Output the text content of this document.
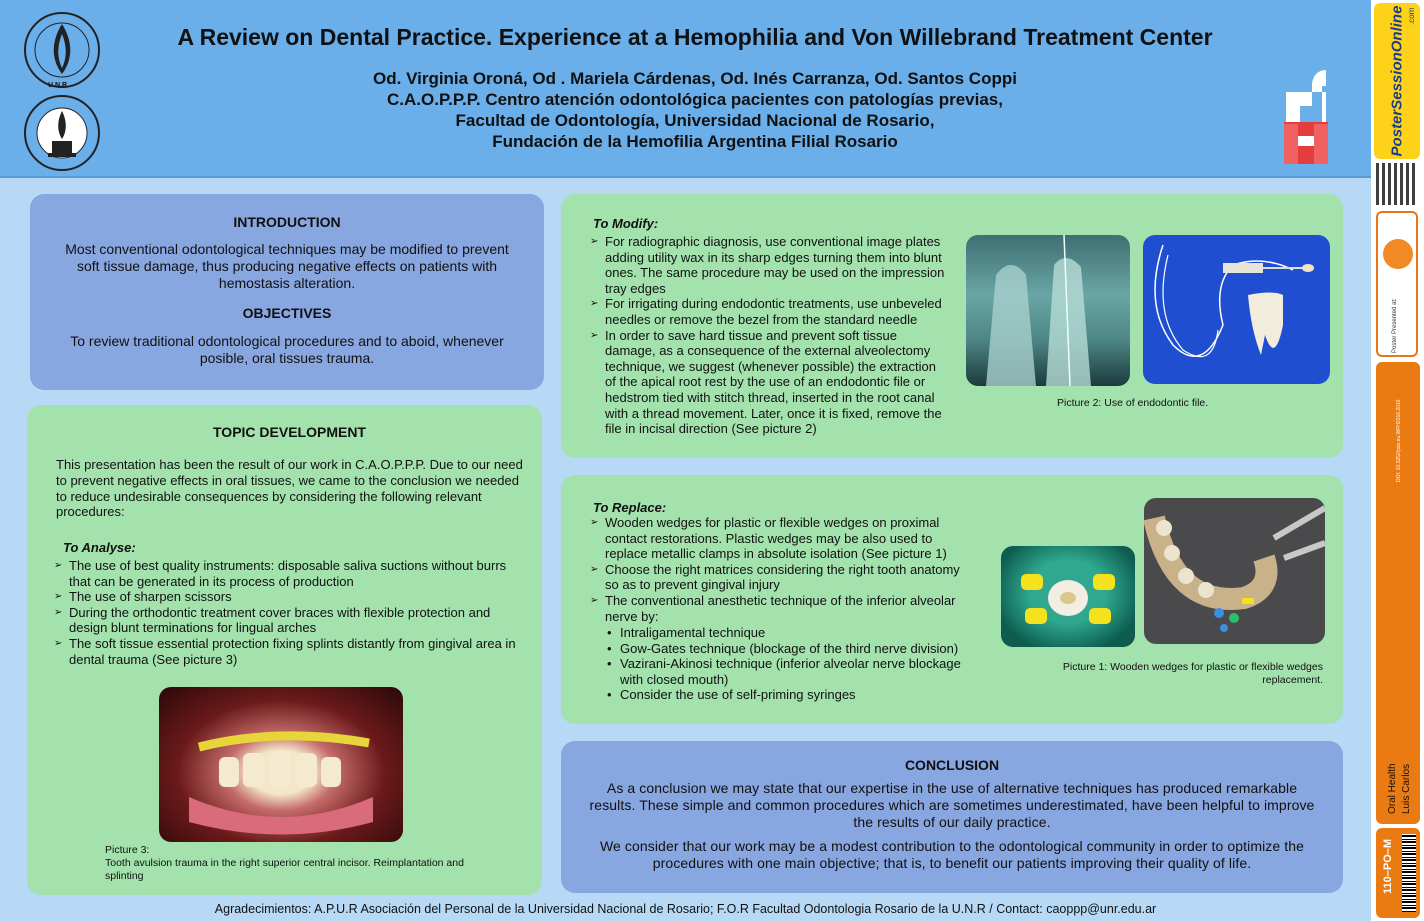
U.N.R.
A Review on Dental Practice. Experience at a Hemophilia and Von Willebrand Treatment Center
Od. Virginia Oroná, Od . Mariela Cárdenas, Od. Inés Carranza, Od. Santos Coppi
C.A.O.P.P.P. Centro atención odontológica pacientes con patologías previas,
Facultad de Odontología, Universidad Nacional de Rosario,
Fundación de la Hemofilia Argentina Filial Rosario	PosterSessionOnline .com
Poster Presented at:
DOI: 10.3252/pso.eu.WFH2016.2016
Oral Health Luis Carlos
110–PO–M
INTRODUCTION
Most conventional odontological techniques may be modified to prevent soft tissue damage, thus producing negative effects on patients with hemostasis alteration.
OBJECTIVES
To review traditional odontological procedures and to aboid, whenever posible, oral tissues trauma.
TOPIC DEVELOPMENT
This presentation has been the result of our work in C.A.O.P.P.P. Due to our need to prevent negative effects in oral tissues, we came to the conclusion we needed to reduce undesirable consequences by considering the following relevant procedures:
To Analyse:
➢ The use of best quality instruments: disposable saliva suctions without burrs that can be generated in its process of production
➢ The use of sharpen scissors
➢ During the orthodontic treatment cover braces with flexible protection and design blunt terminations for lingual arches
➢ The soft tissue essential protection fixing splints distantly from gingival area in dental trauma (See picture 3)
Picture 3:
Tooth avulsion trauma in the right superior central incisor. Reimplantation and splinting
To Modify:
➢ For radiographic diagnosis, use conventional image plates adding utility wax in its sharp edges turning them into blunt ones. The same procedure may be used on the impression tray edges
➢ For irrigating during endodontic treatments, use unbeveled needles or remove the bezel from the standard needle
➢ In order to save hard tissue and prevent soft tissue damage, as a consequence of the external alveolectomy technique, we suggest (whenever possible) the extraction of the apical root rest by the use of an endodontic file or hedstrom tied with stitch thread, inserted in the root canal with a thread movement. Later, once it is fixed, remove the file in incisal direction (See picture 2)
Picture 2: Use of endodontic file.
To Replace:
➢ Wooden wedges for plastic or flexible wedges on proximal contact restorations. Plastic wedges may be also used to replace metallic clamps in absolute isolation (See picture 1)
➢ Choose the right matrices considering the right tooth anatomy so as to prevent gingival injury
➢ The conventional anesthetic technique of the inferior alveolar nerve by:
• Intraligamental technique
• Gow-Gates technique (blockage of the third nerve division)
• Vazirani-Akinosi technique (inferior alveolar nerve blockage with closed mouth)
• Consider the use of self-priming syringes
Picture 1: Wooden wedges for plastic or flexible wedges
replacement.
CONCLUSION
As a conclusion we may state that our expertise in the use of alternative techniques has produced remarkable results. These simple and common procedures which are sometimes underestimated, have been helpful to improve the results of our daily practice.
We consider that our work may be a modest contribution to the odontological community in order to optimize the procedures with one main objective; that is, to benefit our patients improving their quality of life.
Agradecimientos: A.P.U.R Asociación del Personal de la Universidad Nacional de Rosario; F.O.R Facultad Odontologia Rosario de la U.N.R / Contact: caoppp@unr.edu.ar
